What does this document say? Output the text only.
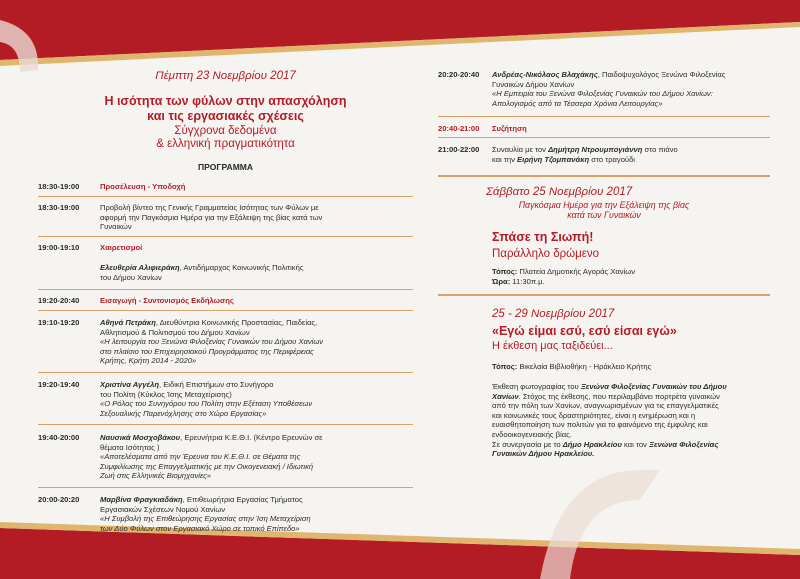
Πέμπτη 23 Νοεμβρίου 2017
Η ισότητα των φύλων στην απασχόληση
και τις εργασιακές σχέσεις
Σύγχρονα δεδομένα
& ελληνική πραγματικότητα
ΠΡΟΓΡΑΜΜΑ
18:30-19:00	Προσέλευση - Υποδοχή
18:30-19:00	Προβολή βίντεο της Γενικής Γραμματείας Ισότητας των Φύλων με
αφορμή την Παγκόσμια Ημέρα για την Εξάλειψη της βίας κατά των
Γυναικών
19:00-19:10	Χαιρετισμοί
Ελευθερία Αλιφιεράκη, Αντιδήμαρχος Κοινωνικής Πολιτικής
του Δήμου Χανίων
19:20-20:40	Εισαγωγή - Συντονισμός Εκδήλωσης
19:10-19:20	Αθηνά Πετράκη, Διευθύντρια Κοινωνικής Προστασίας, Παιδείας,
Αθλητισμού & Πολιτισμού του Δήμου Χανίων
«Η λειτουργία του Ξενώνα Φιλοξενίας Γυναικών του Δήμου Χανίων
στο πλαίσιο του Επιχειρησιακού Προγράμματος της Περιφέρειας
Κρήτης, Κρήτη 2014 - 2020»
19:20-19:40	Χριστίνα Αγγέλη, Ειδική Επιστήμων στο Συνήγορο
του Πολίτη (Κύκλος Ίσης Μεταχείρισης)
«Ο Ρόλος του Συνηγόρου του Πολίτη στην Εξέταση Υποθέσεων
Σεξουαλικής Παρενόχλησης στο Χώρο Εργασίας»
19:40-20:00	Ναυσικά Μοσχοβάκου, Ερευνήτρια Κ.Ε.Θ.Ι. (Κέντρο Ερευνών σε
θέματα Ισότητας )
«Αποτελέσματα από την Έρευνα του Κ.Ε.Θ.Ι. σε Θέματα της
Συμφιλίωσης της Επαγγελματικής με την Οικογενειακή / Ιδιωτική
Ζωή στις Ελληνικές Βιομηχανίες»
20:00-20:20	Μαρβίνα Φραγκιαδάκη, Επιθεωρήτρια Εργασίας Τμήματος
Εργασιακών Σχέσεων Νομού Χανίων
«Η Συμβολή της Επιθεώρησης Εργασίας στην Ίση Μεταχείριση
των Δύο Φύλων στον Εργασιακό Χώρο σε τοπικό Επίπεδο»
20:20-20:40	Ανδρέας-Νικόλαος Βλαχάκης, Παιδοψυχολόγος Ξενώνα Φιλοξενίας
Γυναικών Δήμου Χανίων
«Η Εμπειρία του Ξενώνα Φιλοξενίας Γυναικών του Δήμου Χανίων:
Απολογισμός από τα Τέσσερα Χρόνια Λειτουργίας»
20:40-21:00	Συζήτηση
21:00-22:00	Συναυλία με τον Δημήτρη Ντρουμπογιάννη στο πιάνο
και την Ειρήνη Τζομπανάκη στο τραγούδι
Σάββατο 25 Νοεμβρίου 2017
Παγκόσμια Ημέρα για την Εξάλειψη της βίας
κατά των Γυναικών
Σπάσε τη Σιωπή!
Παράλληλο δρώμενο
Τόπος: Πλατεία Δημοτικής Αγοράς Χανίων
Ώρα: 11:30π.μ.
25 - 29 Νοεμβρίου 2017
«Εγώ είμαι εσύ, εσύ είσαι εγώ»
Η έκθεση μας ταξιδεύει...
Τόπος: Βικελαία Βιβλιοθήκη - Ηράκλειο Κρήτης
Έκθεση φωτογραφίας του Ξενώνα Φιλοξενίας Γυναικών του Δήμου
Χανίων. Στόχος της έκθεσης, που περιλαμβάνει πορτρέτα γυναικών
από την πόλη των Χανίων, αναγνωρισμένων για τις επαγγελματικές
και κοινωνικές τους δραστηριότητες, είναι η ενημέρωση και η
ευαισθητοποίηση των πολιτών για το φαινόμενο της έμφυλης και
ενδοοικογενειακής βίας.
Σε συνεργασία με το Δήμο Ηρακλείου και τον Ξενώνα Φιλοξενίας
Γυναικών Δήμου Ηρακλείου.
